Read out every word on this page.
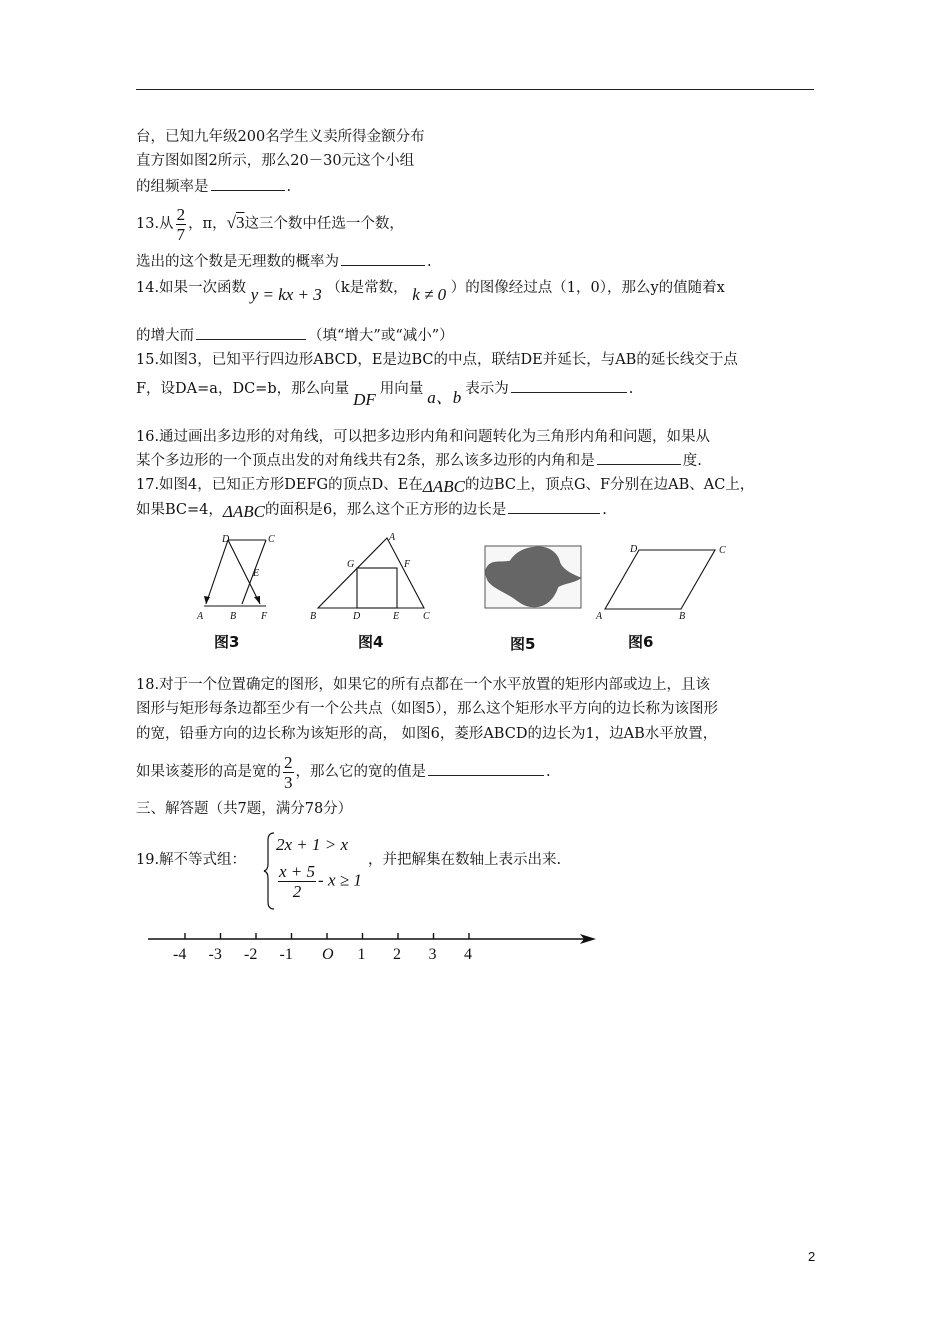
台，已知九年级200名学生义卖所得金额分布
直方图如图2所示，那么20－30元这个小组
的组频率是	.
13.从 $\frac{2}{7}$ ，π，√3这三个数中任选一个数，
选出的这个数是无理数的概率为	.
14.如果一次函数 y = kx + 3 （k是常数， k ≠ 0 ）的图像经过点（1，0），那么y的值随着x
的增大而	（填“增大”或“减小”）
15.如图3，已知平行四边形ABCD，E是边BC的中点，联结DE并延长，与AB的延长线交于点
F，设DA=a，DC=b，那么向量DF用向量 a、b 表示为	.
16.通过画出多边形的对角线，可以把多边形内角和问题转化为三角形内角和问题，如果从
某个多边形的一个顶点出发的对角线共有2条，那么该多边形的内角和是	度.
17.如图4，已知正方形DEFG的顶点D、E在ΔABC的边BC上，顶点G、F分别在边AB、AC上，
如果BC=4，ΔABC的面积是6，那么这个正方形的边长是	.
D	C
E
A	B F
图3
A
G	F
B	D	E C
图4	图5
D	C
A	B
图6
18.对于一个位置确定的图形，如果它的所有点都在一个水平放置的矩形内部或边上，且该
图形与矩形每条边都至少有一个公共点（如图5），那么这个矩形水平方向的边长称为该图形
的宽，铅垂方向的边长称为该矩形的高， 如图6，菱形ABCD的边长为1，边AB水平放置，
如果该菱形的高是宽的 $\frac{2}{3}$ ，那么它的宽的值是	.
三、解答题（共7题，满分78分）
19.解不等式组：
2x + 1 > x
$\frac{x + 5}{2} - x \ge 1$
，并把解集在数轴上表示出来.
-4 -3 -2 -1 O 1 2 3 4
2
